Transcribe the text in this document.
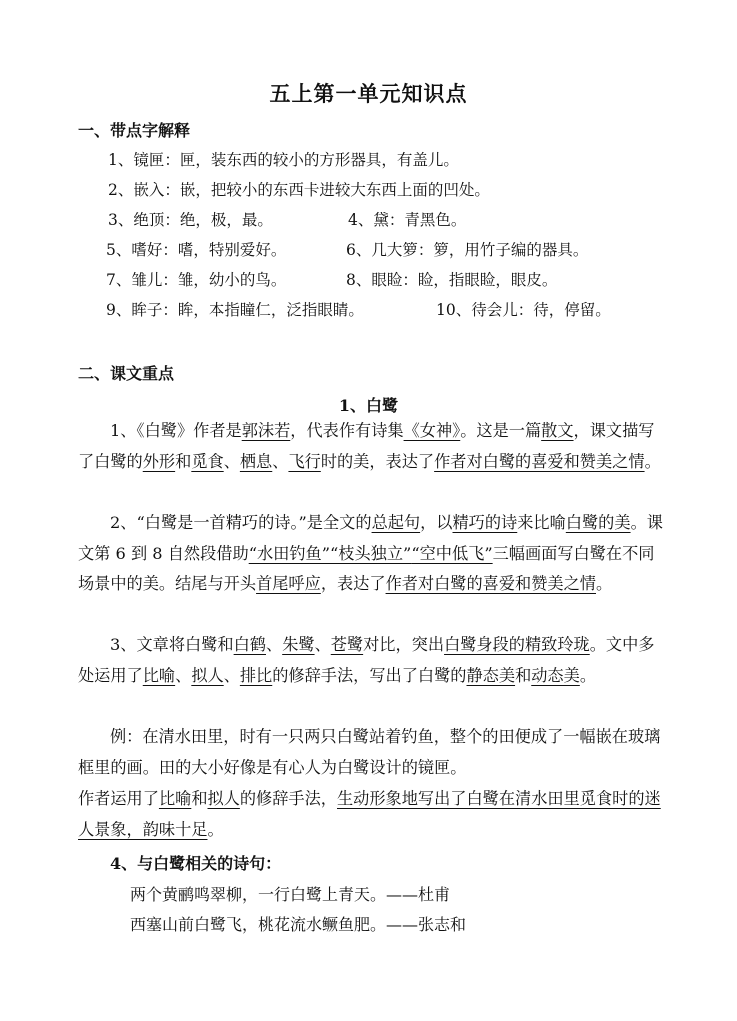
五上第一单元知识点
一、带点字解释
1、镜匣：匣，装东西的较小的方形器具，有盖儿。
2、嵌入：嵌，把较小的东西卡进较大东西上面的凹处。
3、绝顶：绝，极，最。	4、黛：青黑色。
5、嗜好：嗜，特别爱好。	6、几大箩：箩，用竹子编的器具。
7、雏儿：雏，幼小的鸟。	8、眼睑：睑，指眼睑，眼皮。
9、眸子：眸，本指瞳仁，泛指眼睛。	10、待会儿：待，停留。
二、课文重点
1、白鹭
1、《白鹭》作者是郭沫若，代表作有诗集《女神》。这是一篇散文，课文描写了白鹭的外形和觅食、栖息、飞行时的美，表达了作者对白鹭的喜爱和赞美之情。
2、“白鹭是一首精巧的诗。”是全文的总起句，以精巧的诗来比喻白鹭的美。课文第 6 到 8 自然段借助“水田钓鱼”“枝头独立”“空中低飞”三幅画面写白鹭在不同场景中的美。结尾与开头首尾呼应，表达了作者对白鹭的喜爱和赞美之情。
3、文章将白鹭和白鹤、朱鹭、苍鹭对比，突出白鹭身段的精致玲珑。文中多处运用了比喻、拟人、排比的修辞手法，写出了白鹭的静态美和动态美。
例：在清水田里，时有一只两只白鹭站着钓鱼，整个的田便成了一幅嵌在玻璃框里的画。田的大小好像是有心人为白鹭设计的镜匣。
作者运用了比喻和拟人的修辞手法，生动形象地写出了白鹭在清水田里觅食时的迷人景象，韵味十足。
4、与白鹭相关的诗句：
两个黄鹂鸣翠柳，一行白鹭上青天。——杜甫
西塞山前白鹭飞，桃花流水鳜鱼肥。——张志和
